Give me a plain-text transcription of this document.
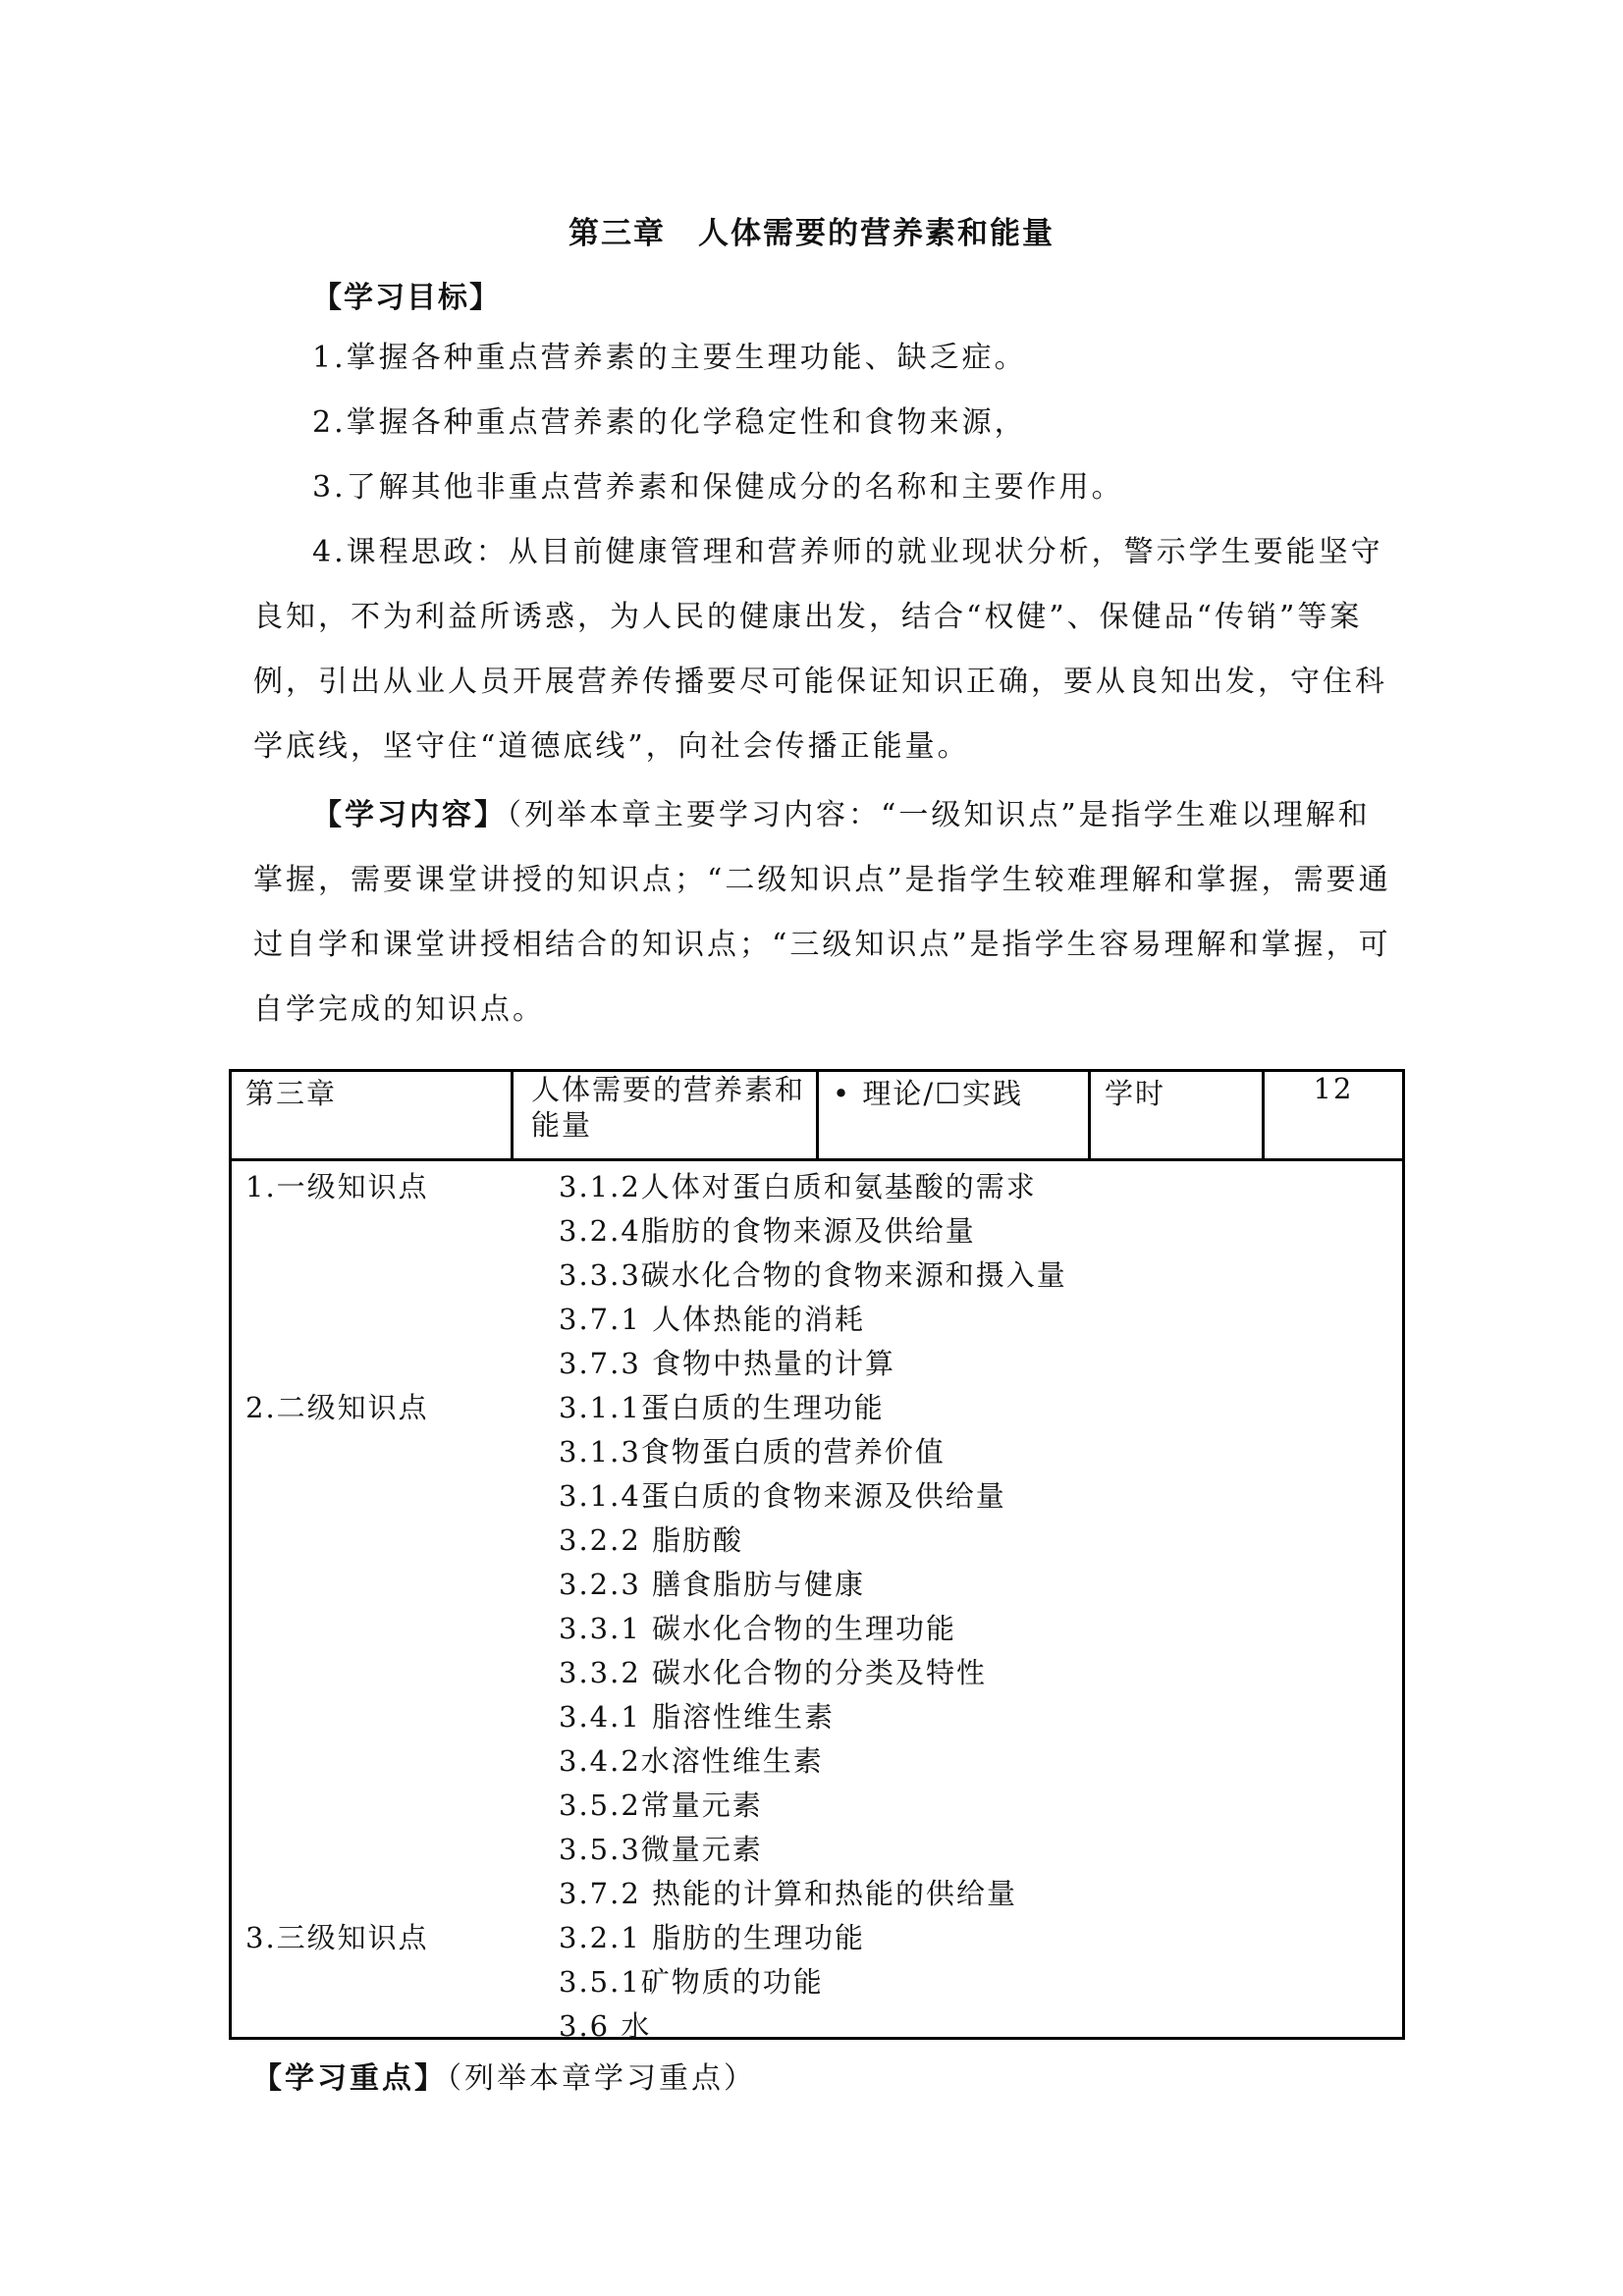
第三章　人体需要的营养素和能量
【学习目标】
1.掌握各种重点营养素的主要生理功能、缺乏症。
2.掌握各种重点营养素的化学稳定性和食物来源，
3.了解其他非重点营养素和保健成分的名称和主要作用。
4.课程思政：从目前健康管理和营养师的就业现状分析，警示学生要能坚守良知，不为利益所诱惑，为人民的健康出发，结合“权健”、保健品“传销”等案例，引出从业人员开展营养传播要尽可能保证知识正确，要从良知出发，守住科学底线，坚守住“道德底线”，向社会传播正能量。
【学习内容】（列举本章主要学习内容：“一级知识点”是指学生难以理解和掌握，需要课堂讲授的知识点；“二级知识点”是指学生较难理解和掌握，需要通过自学和课堂讲授相结合的知识点；“三级知识点”是指学生容易理解和掌握，可自学完成的知识点。
第三章	人体需要的营养素和能量	• 理论/☐实践	学时	12

1.一级知识点	3.1.2人体对蛋白质和氨基酸的需求
3.2.4脂肪的食物来源及供给量
3.3.3碳水化合物的食物来源和摄入量
3.7.1 人体热能的消耗
3.7.3 食物中热量的计算
2.二级知识点	3.1.1蛋白质的生理功能
3.1.3食物蛋白质的营养价值
3.1.4蛋白质的食物来源及供给量
3.2.2 脂肪酸
3.2.3 膳食脂肪与健康
3.3.1 碳水化合物的生理功能
3.3.2 碳水化合物的分类及特性
3.4.1 脂溶性维生素
3.4.2水溶性维生素
3.5.2常量元素
3.5.3微量元素
3.7.2 热能的计算和热能的供给量
3.三级知识点	3.2.1 脂肪的生理功能
3.5.1矿物质的功能
3.6 水
【学习重点】（列举本章学习重点）
